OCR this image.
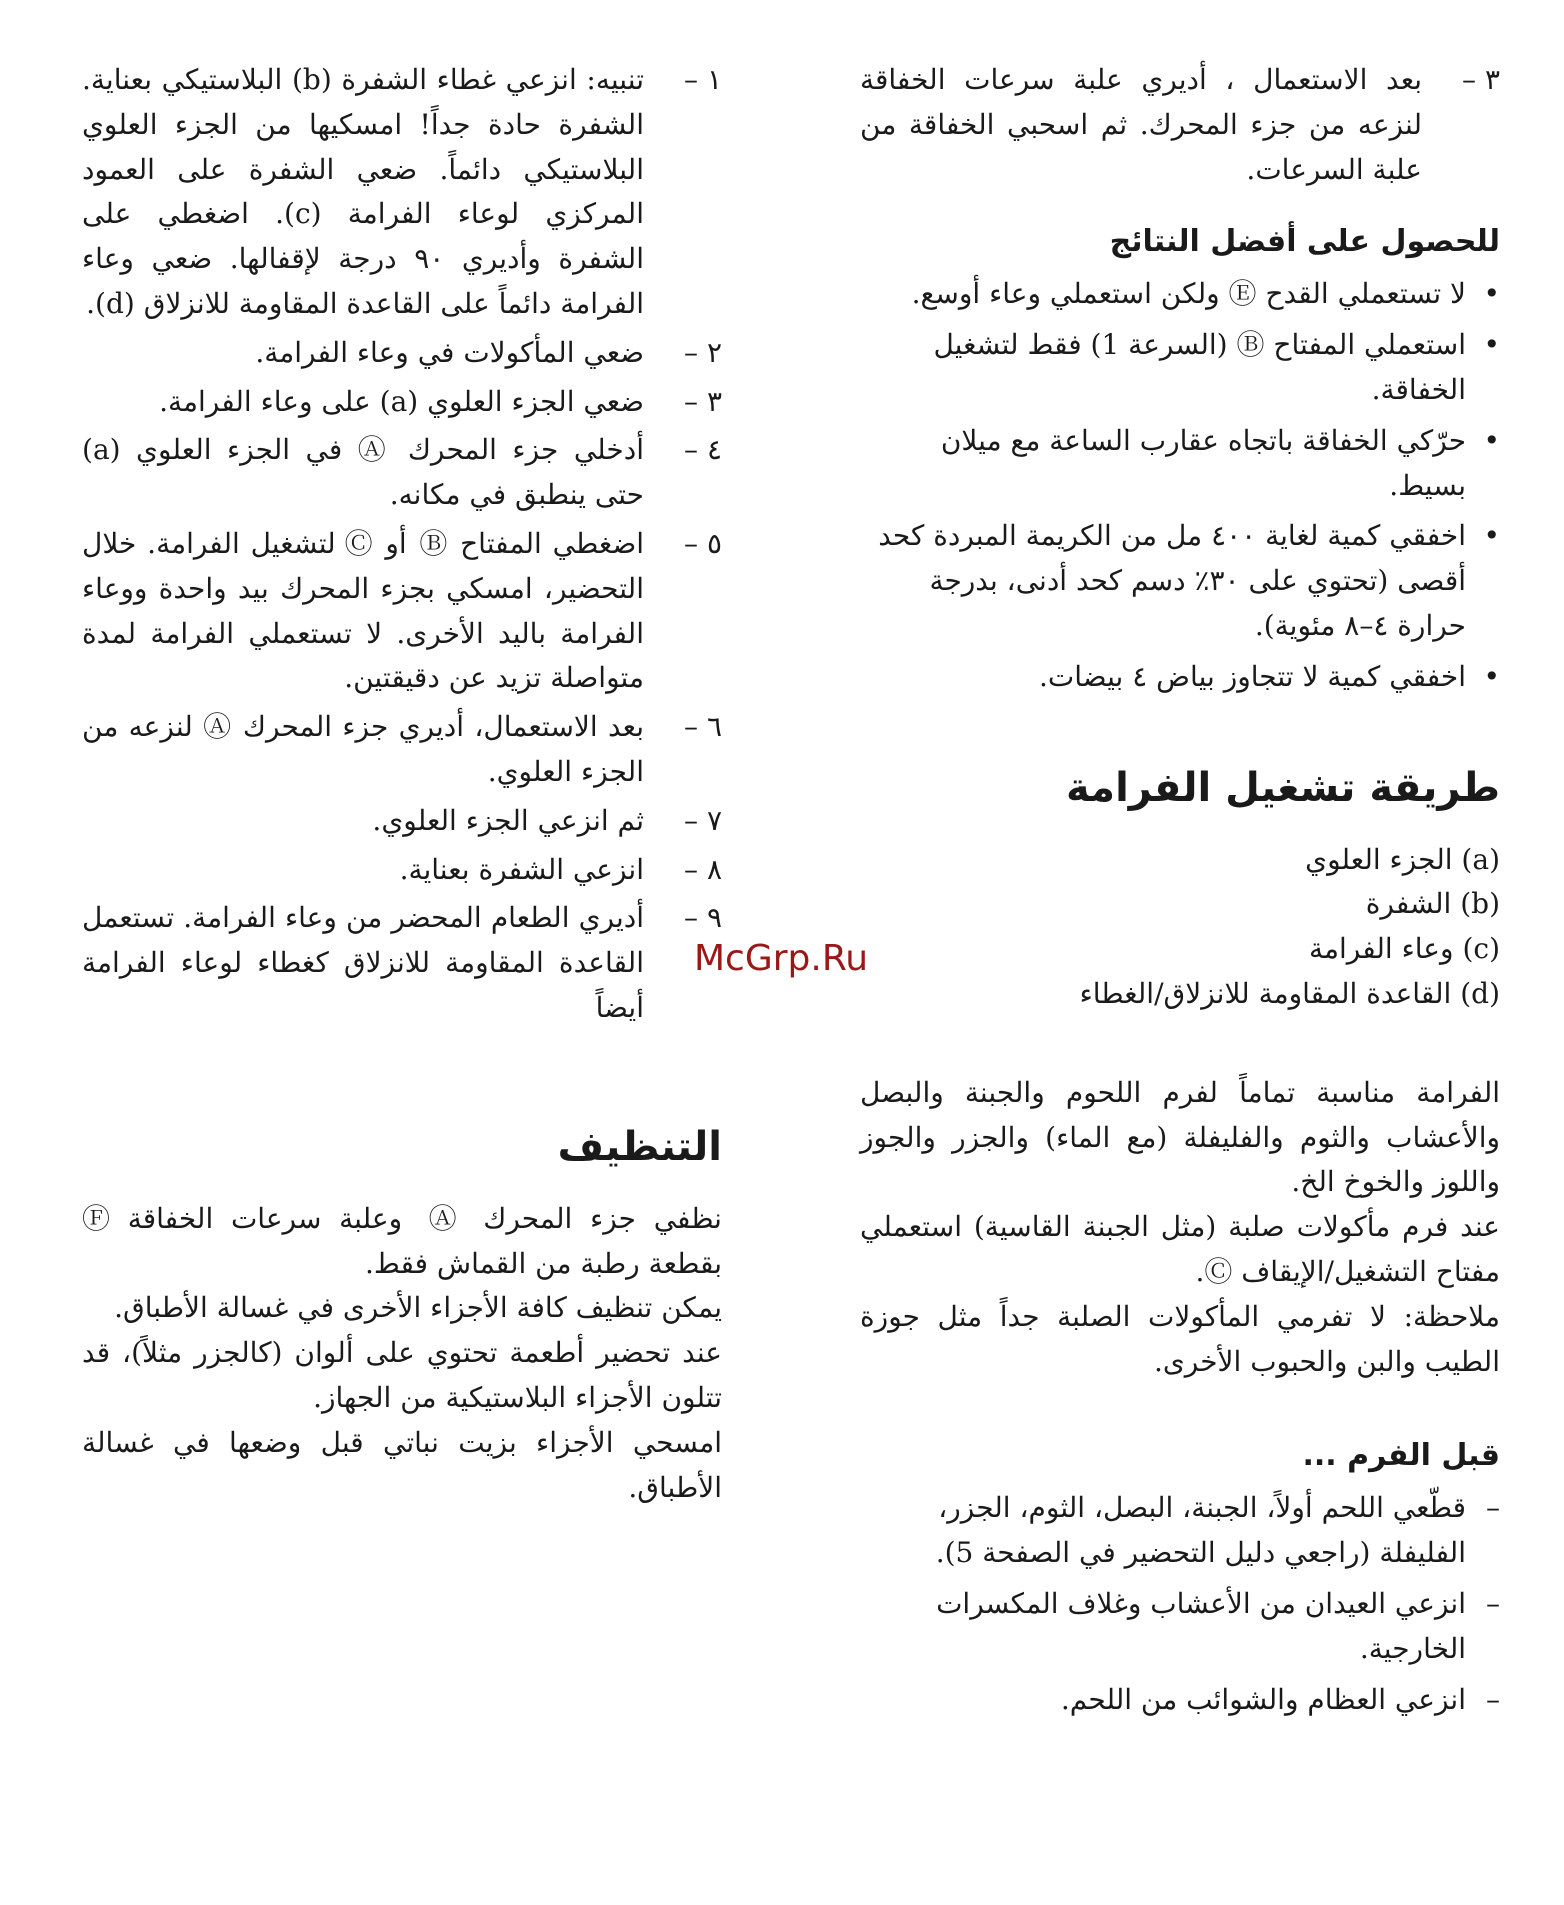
٣ –
بعد الاستعمال ، أديري علبة سرعات الخفاقة لنزعه من جزء المحرك. ثم اسحبي الخفاقة من علبة السرعات.
للحصول على أفضل النتائج
•
لا تستعملي القدح Ⓔ ولكن استعملي وعاء أوسع.
•
استعملي المفتاح Ⓑ (السرعة 1) فقط لتشغيل الخفاقة.
•
حرّكي الخفاقة باتجاه عقارب الساعة مع ميلان بسيط.
•
اخفقي كمية لغاية ٤٠٠ مل من الكريمة المبردة كحد أقصى (تحتوي على ٣٠٪ دسم كحد أدنى، بدرجة حرارة ٤–٨ مئوية).
•
اخفقي كمية لا تتجاوز بياض ٤ بيضات.
طريقة تشغيل الفرامة
(a) الجزء العلوي
(b) الشفرة
(c) وعاء الفرامة
(d) القاعدة المقاومة للانزلاق/الغطاء

الفرامة مناسبة تماماً لفرم اللحوم والجبنة والبصل والأعشاب والثوم والفليفلة (مع الماء) والجزر والجوز واللوز والخوخ الخ.

عند فرم مأكولات صلبة (مثل الجبنة القاسية) استعملي مفتاح التشغيل/الإيقاف Ⓒ.

ملاحظة: لا تفرمي المأكولات الصلبة جداً مثل جوزة الطيب والبن والحبوب الأخرى.

قبل الفرم ...
–
قطّعي اللحم أولاً، الجبنة، البصل، الثوم، الجزر، الفليفلة (راجعي دليل التحضير في الصفحة 5).
–
انزعي العيدان من الأعشاب وغلاف المكسرات الخارجية.
–
انزعي العظام والشوائب من اللحم.
١ –
تنبيه: انزعي غطاء الشفرة (b) البلاستيكي بعناية. الشفرة حادة جداً! امسكيها من الجزء العلوي البلاستيكي دائماً. ضعي الشفرة على العمود المركزي لوعاء الفرامة (c). اضغطي على الشفرة وأديري ٩٠ درجة لإقفالها. ضعي وعاء الفرامة دائماً على القاعدة المقاومة للانزلاق (d).
٢ –
ضعي المأكولات في وعاء الفرامة.
٣ –
ضعي الجزء العلوي (a) على وعاء الفرامة.
٤ –
أدخلي جزء المحرك Ⓐ في الجزء العلوي (a) حتى ينطبق في مكانه.
٥ –
اضغطي المفتاح Ⓑ أو Ⓒ لتشغيل الفرامة. خلال التحضير، امسكي بجزء المحرك بيد واحدة ووعاء الفرامة باليد الأخرى. لا تستعملي الفرامة لمدة متواصلة تزيد عن دقيقتين.
٦ –
بعد الاستعمال، أديري جزء المحرك Ⓐ لنزعه من الجزء العلوي.
٧ –
ثم انزعي الجزء العلوي.
٨ –
انزعي الشفرة بعناية.
٩ –
أديري الطعام المحضر من وعاء الفرامة. تستعمل القاعدة المقاومة للانزلاق كغطاء لوعاء الفرامة أيضاً
التنظيف
نظفي جزء المحرك Ⓐ وعلبة سرعات الخفاقة Ⓕ بقطعة رطبة من القماش فقط.
يمكن تنظيف كافة الأجزاء الأخرى في غسالة الأطباق.
عند تحضير أطعمة تحتوي على ألوان (كالجزر مثلاً)، قد تتلون الأجزاء البلاستيكية من الجهاز.
امسحي الأجزاء بزيت نباتي قبل وضعها في غسالة الأطباق.
McGrp.Ru
